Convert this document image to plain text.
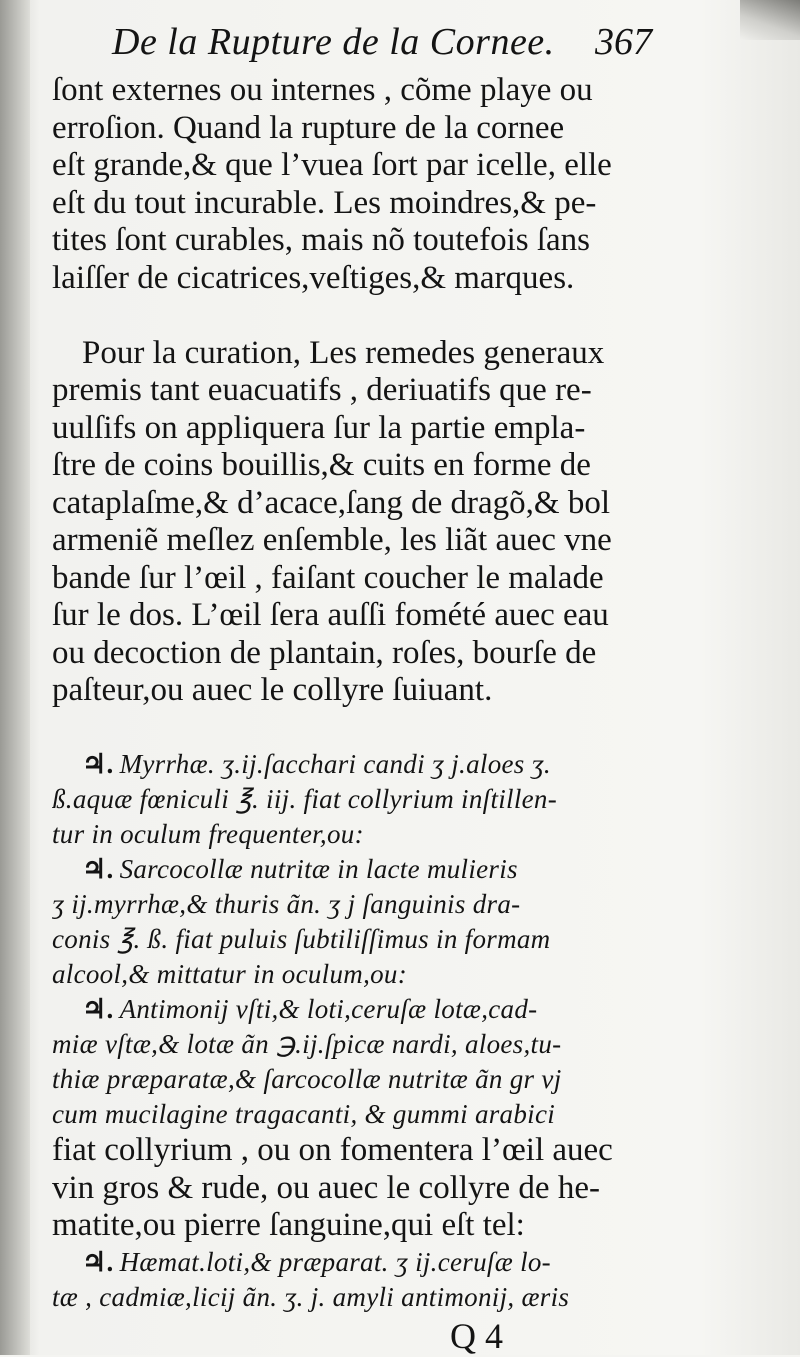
De la Rupture de la Cornee. 367
ſont externes ou internes , cõme playe ou
erroſion. Quand la rupture de la cornee
eſt grande,& que l’vuea ſort par icelle, elle
eſt du tout incurable. Les moindres,& pe-
tites ſont curables, mais nõ toutefois ſans
laiſſer de cicatrices,veſtiges,& marques.
Pour la curation, Les remedes generaux
premis tant euacuatifs , deriuatifs que re-
uulſifs on appliquera ſur la partie empla-
ſtre de coins bouillis,& cuits en forme de
cataplaſme,& d’acace,ſang de dragõ,& bol
armeniẽ meſlez enſemble, les liãt auec vne
bande ſur l’œil , faiſant coucher le malade
ſur le dos. L’œil ſera auſſi fomété auec eau
ou decoction de plantain, roſes, bourſe de
paſteur,ou auec le collyre ſuiuant.
♃. Myrrhæ. ʒ.ij.ſacchari candi ʒ j.aloes ʒ.
ß.aquæ fœniculi ℥. iij. fiat collyrium inſtillen-
tur in oculum frequenter,ou:
♃. Sarcocollæ nutritæ in lacte mulieris
ʒ ij.myrrhæ,& thuris ãn. ʒ j ſanguinis dra-
conis ℥. ß. fiat puluis ſubtiliſſimus in formam
alcool,& mittatur in oculum,ou:
♃. Antimonij vſti,& loti,ceruſæ lotæ,cad-
miæ vſtæ,& lotæ ãn ℈.ij.ſpicæ nardi, aloes,tu-
thiæ præparatæ,& ſarcocollæ nutritæ ãn gr vj
cum mucilagine tragacanti, & gummi arabici
fiat collyrium , ou on fomentera l’œil auec
vin gros & rude, ou auec le collyre de he-
matite,ou pierre ſanguine,qui eſt tel:
♃. Hæmat.loti,& præparat. ʒ ij.ceruſæ lo-
tæ , cadmiæ,licij ãn. ʒ. j. amyli antimonij, æris
Q 4
